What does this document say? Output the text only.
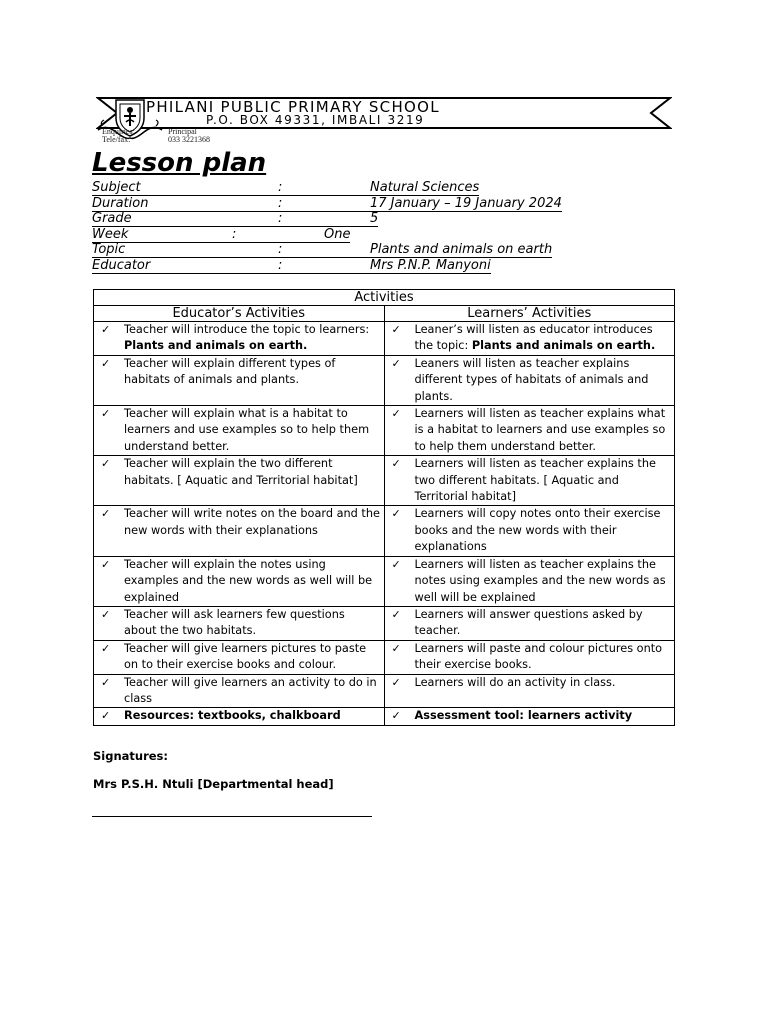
PHILANI PUBLIC PRIMARY SCHOOL
P.O. BOX 49331, IMBALI 3219
Enquiries:	Principal
Tele/fax:	033 3221368
Lesson plan
Subject	:	Natural Sciences
Duration	:	17 January – 19 January 2024
Grade	:	5
Week	:	One
Topic	:	Plants and animals on earth
Educator	:	Mrs P.N.P. Manyoni
Activities	
Educator’s Activities	Learners’ Activities

✓ Teacher will introduce the topic to learners: Plants and animals on earth.	✓ Leaner’s will listen as educator introduces the topic: Plants and animals on earth.

✓ Teacher will explain different types of habitats of animals and plants.	✓ Leaners will listen as teacher explains different types of habitats of animals and plants.

✓ Teacher will explain what is a habitat to learners and use examples so to help them understand better.	✓ Learners will listen as teacher explains what is a habitat to learners and use examples so to help them understand better.

✓ Teacher will explain the two different habitats. [ Aquatic and Territorial habitat]	✓ Learners will listen as teacher explains the two different habitats. [ Aquatic and Territorial habitat]

✓ Teacher will write notes on the board and the new words with their explanations	✓ Learners will copy notes onto their exercise books and the new words with their explanations

✓ Teacher will explain the notes using examples and the new words as well will be explained	✓ Learners will listen as teacher explains the notes using examples and the new words as well will be explained

✓ Teacher will ask learners few questions about the two habitats.	✓ Learners will answer questions asked by teacher.

✓ Teacher will give learners pictures to paste on to their exercise books and colour.	✓ Learners will paste and colour pictures onto their exercise books.

✓ Teacher will give learners an activity to do in class	✓ Learners will do an activity in class.

✓ Resources: textbooks, chalkboard	✓ Assessment tool: learners activity
Signatures:
Mrs P.S.H. Ntuli [Departmental head]
